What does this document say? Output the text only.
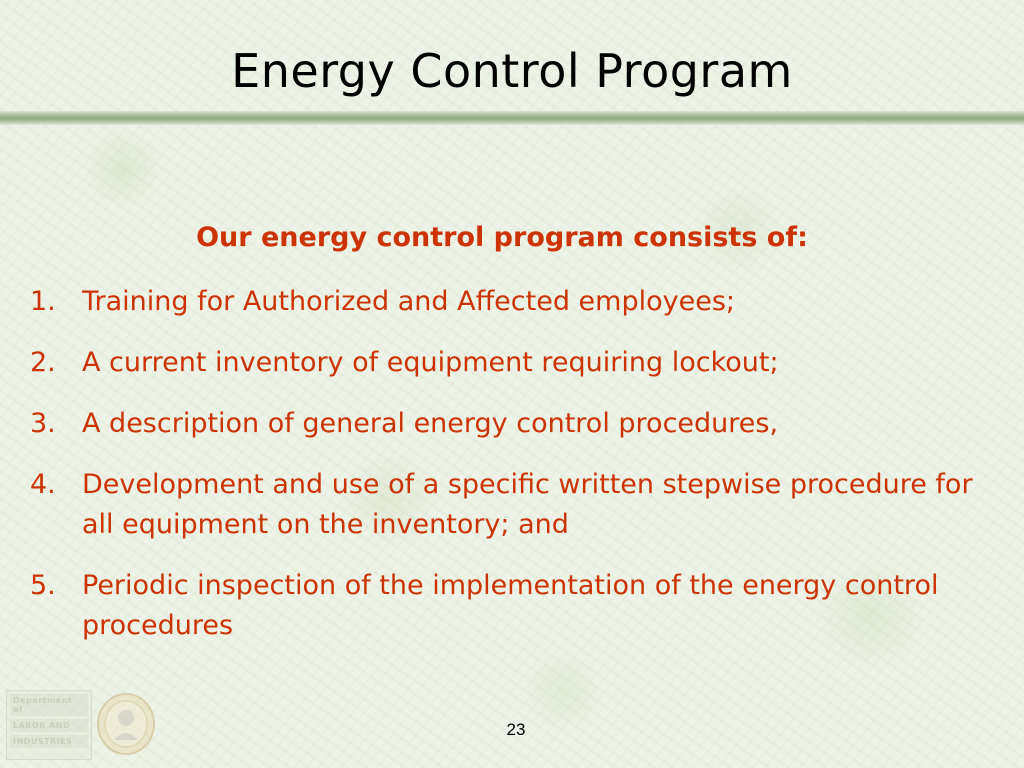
Energy Control Program
Our energy control program consists of:
1. Training for Authorized and Affected employees;
2. A current inventory of equipment requiring lockout;
3. A description of general energy control procedures,
4. Development and use of a specific written stepwise procedure for all equipment on the inventory; and
5. Periodic inspection of the implementation of the energy control procedures
Department of
LABOR AND
INDUSTRIES
23
